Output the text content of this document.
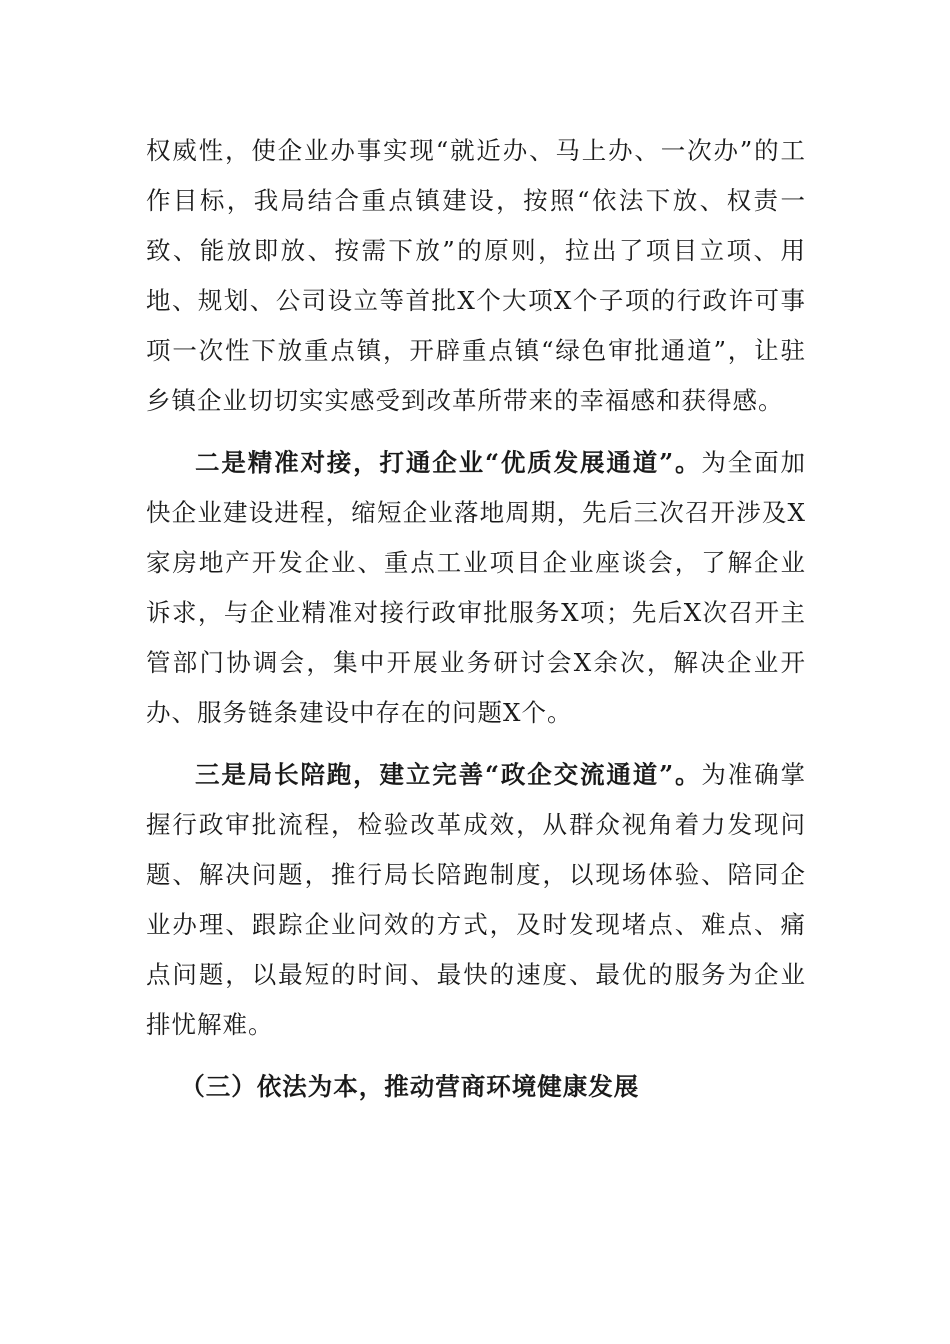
权威性，使企业办事实现“就近办、马上办、一次办”的工作目标，我局结合重点镇建设，按照“依法下放、权责一致、能放即放、按需下放”的原则，拉出了项目立项、用地、规划、公司设立等首批X个大项X个子项的行政许可事项一次性下放重点镇，开辟重点镇“绿色审批通道”，让驻乡镇企业切切实实感受到改革所带来的幸福感和获得感。

二是精准对接，打通企业“优质发展通道”。为全面加快企业建设进程，缩短企业落地周期，先后三次召开涉及X家房地产开发企业、重点工业项目企业座谈会，了解企业诉求，与企业精准对接行政审批服务X项；先后X次召开主管部门协调会，集中开展业务研讨会X余次，解决企业开办、服务链条建设中存在的问题X个。

三是局长陪跑，建立完善“政企交流通道”。为准确掌握行政审批流程，检验改革成效，从群众视角着力发现问题、解决问题，推行局长陪跑制度，以现场体验、陪同企业办理、跟踪企业问效的方式，及时发现堵点、难点、痛点问题，以最短的时间、最快的速度、最优的服务为企业排忧解难。

（三）依法为本，推动营商环境健康发展
